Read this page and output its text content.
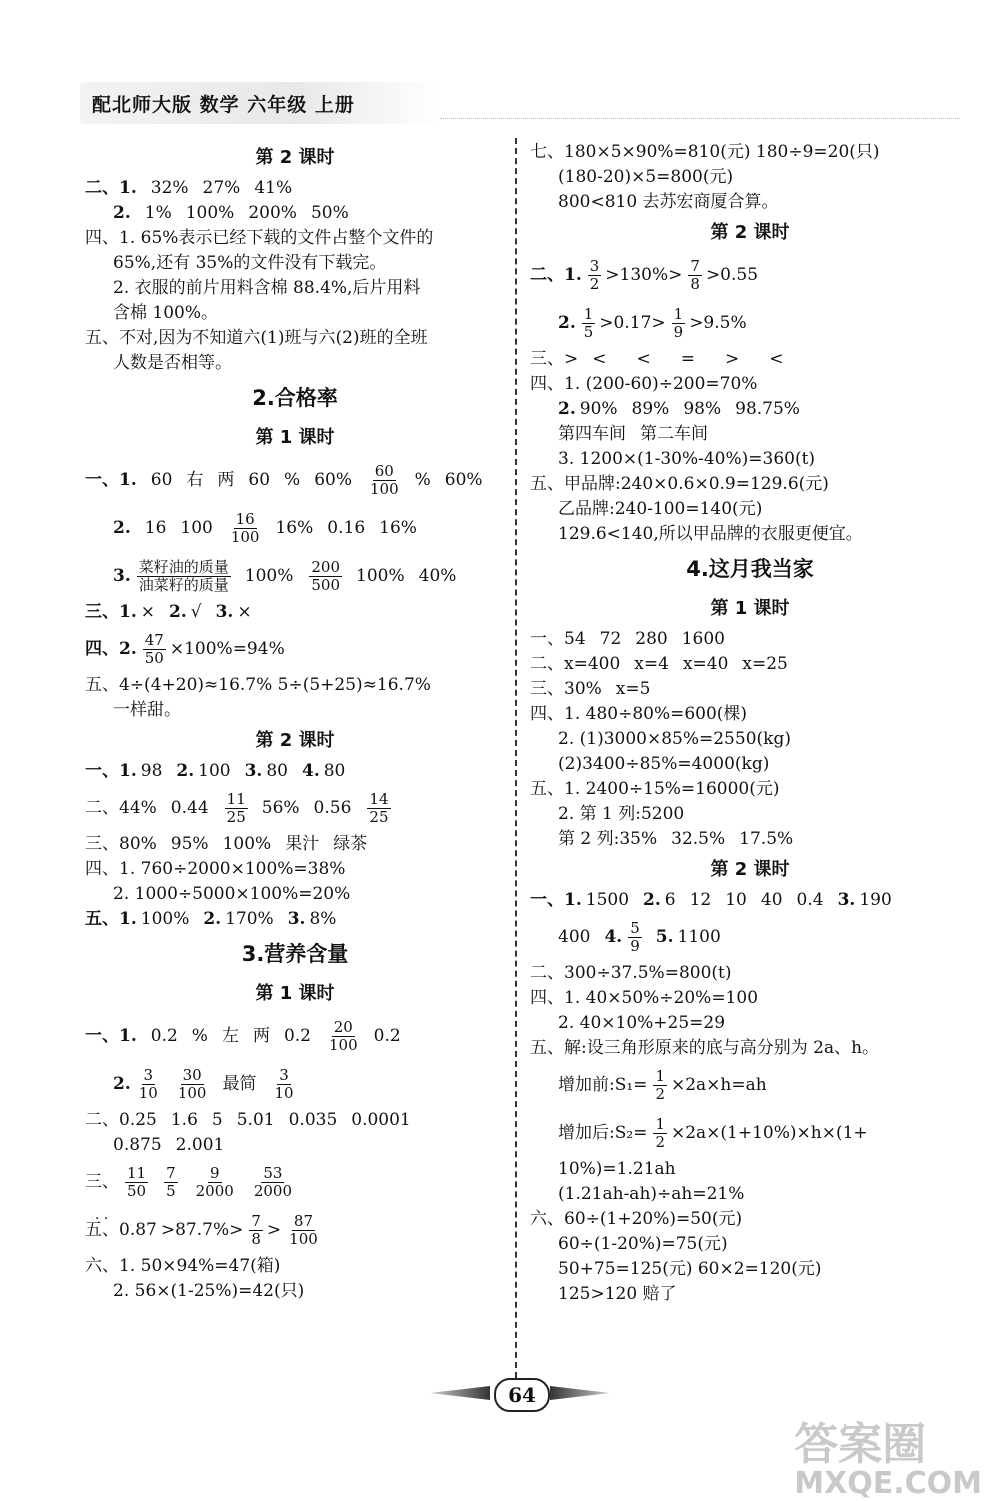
配北师大版 数学 六年级 上册
第 2 课时
二、1. 32% 27% 41%
2. 1% 100% 200% 50%
四、1. 65%表示已经下载的文件占整个文件的
65%,还有 35%的文件没有下载完。
2. 衣服的前片用料含棉 88.4%,后片用料
含棉 100%。
五、不对,因为不知道六(1)班与六(2)班的全班
人数是否相等。
2.合格率
第 1 课时
一、1. 60 右 两 60 % $60\% \frac{60}{100}$ % 60%
2. 16 $100 \frac{16}{100} 16\%$ 0.16 16%
3. $\frac{\text{菜籽油的质量}}{\text{油菜籽的质量}} 100\% \frac{200}{500} 100\%$ 40%
三、1. × 2. √ 3. ×
四、2. $\frac{47}{50} \times 100\%=94\%$
五、4÷(4+20)≈16.7% 5÷(5+25)≈16.7%
一样甜。
第 2 课时
一、1. 98 2. 100 3. 80 4. 80
二、44% $0.44 \frac{11}{25} 56\%$ $0.56 \frac{14}{25}$
三、80% 95% 100% 果汁 绿茶
四、1. 760÷2000×100%=38%
2. 1000÷5000×100%=20%
五、1. 100% 2. 170% 3. 8%
3.营养含量
第 1 课时
一、1. 0.2 % 左 两 $0.2 \frac{20}{100} 0.2$
2. $\frac{3}{10} \frac{30}{100}$ 最简 $\frac{3}{10}$
二、0.25 1.6 5 5.01 0.035 0.0001
0.875 2.001
三、 $\frac{11}{50} \frac{7}{5} \frac{9}{2000} \frac{53}{2000}$
· · 五、$0.87 >87.7\%> \frac{7}{8} > \frac{87}{100}$
六、1. 50×94%=47(箱)
2. 56×(1-25%)=42(只)
七、180×5×90%=810(元) 180÷9=20(只)
(180-20)×5=800(元)
800<810 去苏宏商厦合算。
第 2 课时
二、1. $\frac{3}{2} >130\%> \frac{7}{8} >0.55$
2. $\frac{1}{5} >0.17> \frac{1}{9} >9.5\%$
三、> < < = > <
四、1. (200-60)÷200=70%
2. 90% 89% 98% 98.75%
第四车间 第二车间
3. 1200×(1-30%-40%)=360(t)
五、甲品牌:240×0.6×0.9=129.6(元)
乙品牌:240-100=140(元)
129.6<140,所以甲品牌的衣服更便宜。
4.这月我当家
第 1 课时
一、54 72 280 1600
二、x=400 x=4 x=40 x=25
三、30% x=5
四、1. 480÷80%=600(棵)
2. (1)3000×85%=2550(kg)
(2)3400÷85%=4000(kg)
五、1. 2400÷15%=16000(元)
2. 第 1 列:5200
第 2 列:35% 32.5% 17.5%
第 2 课时
一、1. 1500 2. 6 12 10 40 0.4 3. 190
400 4. $\frac{5}{9} 5$. 1100
二、300÷37.5%=800(t)
四、1. 40×50%÷20%=100
2. 40×10%+25=29
五、解:设三角形原来的底与高分别为 2a、h。
增加前:S₁= $\frac{1}{2} \times 2a\times h=ah$
增加后:S₂= $\frac{1}{2} \times 2a\times(1+10\%)\times h\times(1+$
10%)=1.21ah
(1.21ah-ah)÷ah=21%
六、60÷(1+20%)=50(元)
60÷(1-20%)=75(元)
50+75=125(元) 60×2=120(元)
125>120 赔了
64
答案圈
MXQE.COM
